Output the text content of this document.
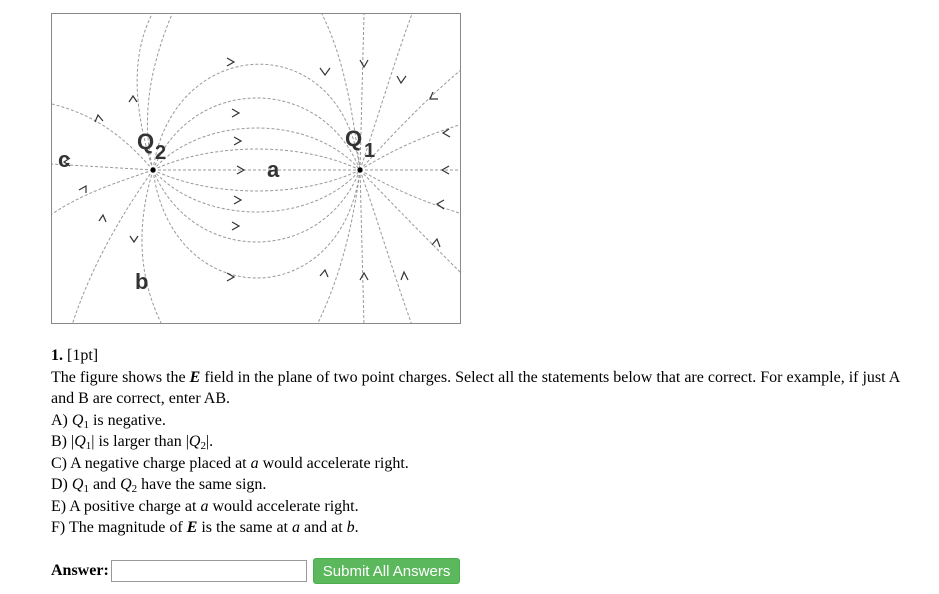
Q 2
Q 1
a
b
c

1. [1pt]

The figure shows the E field in the plane of two point charges. Select all the statements below that are correct. For example, if just A and B are correct, enter AB.

A) $Q_1$ is negative.

B) $|Q_1|$ is larger than $|Q_2|$.

C) A negative charge placed at a would accelerate right.

D) $Q_1$ and $Q_2$ have the same sign.

E) A positive charge at a would accelerate right.

F) The magnitude of E is the same at a and at b.

Answer:	Submit All Answers
